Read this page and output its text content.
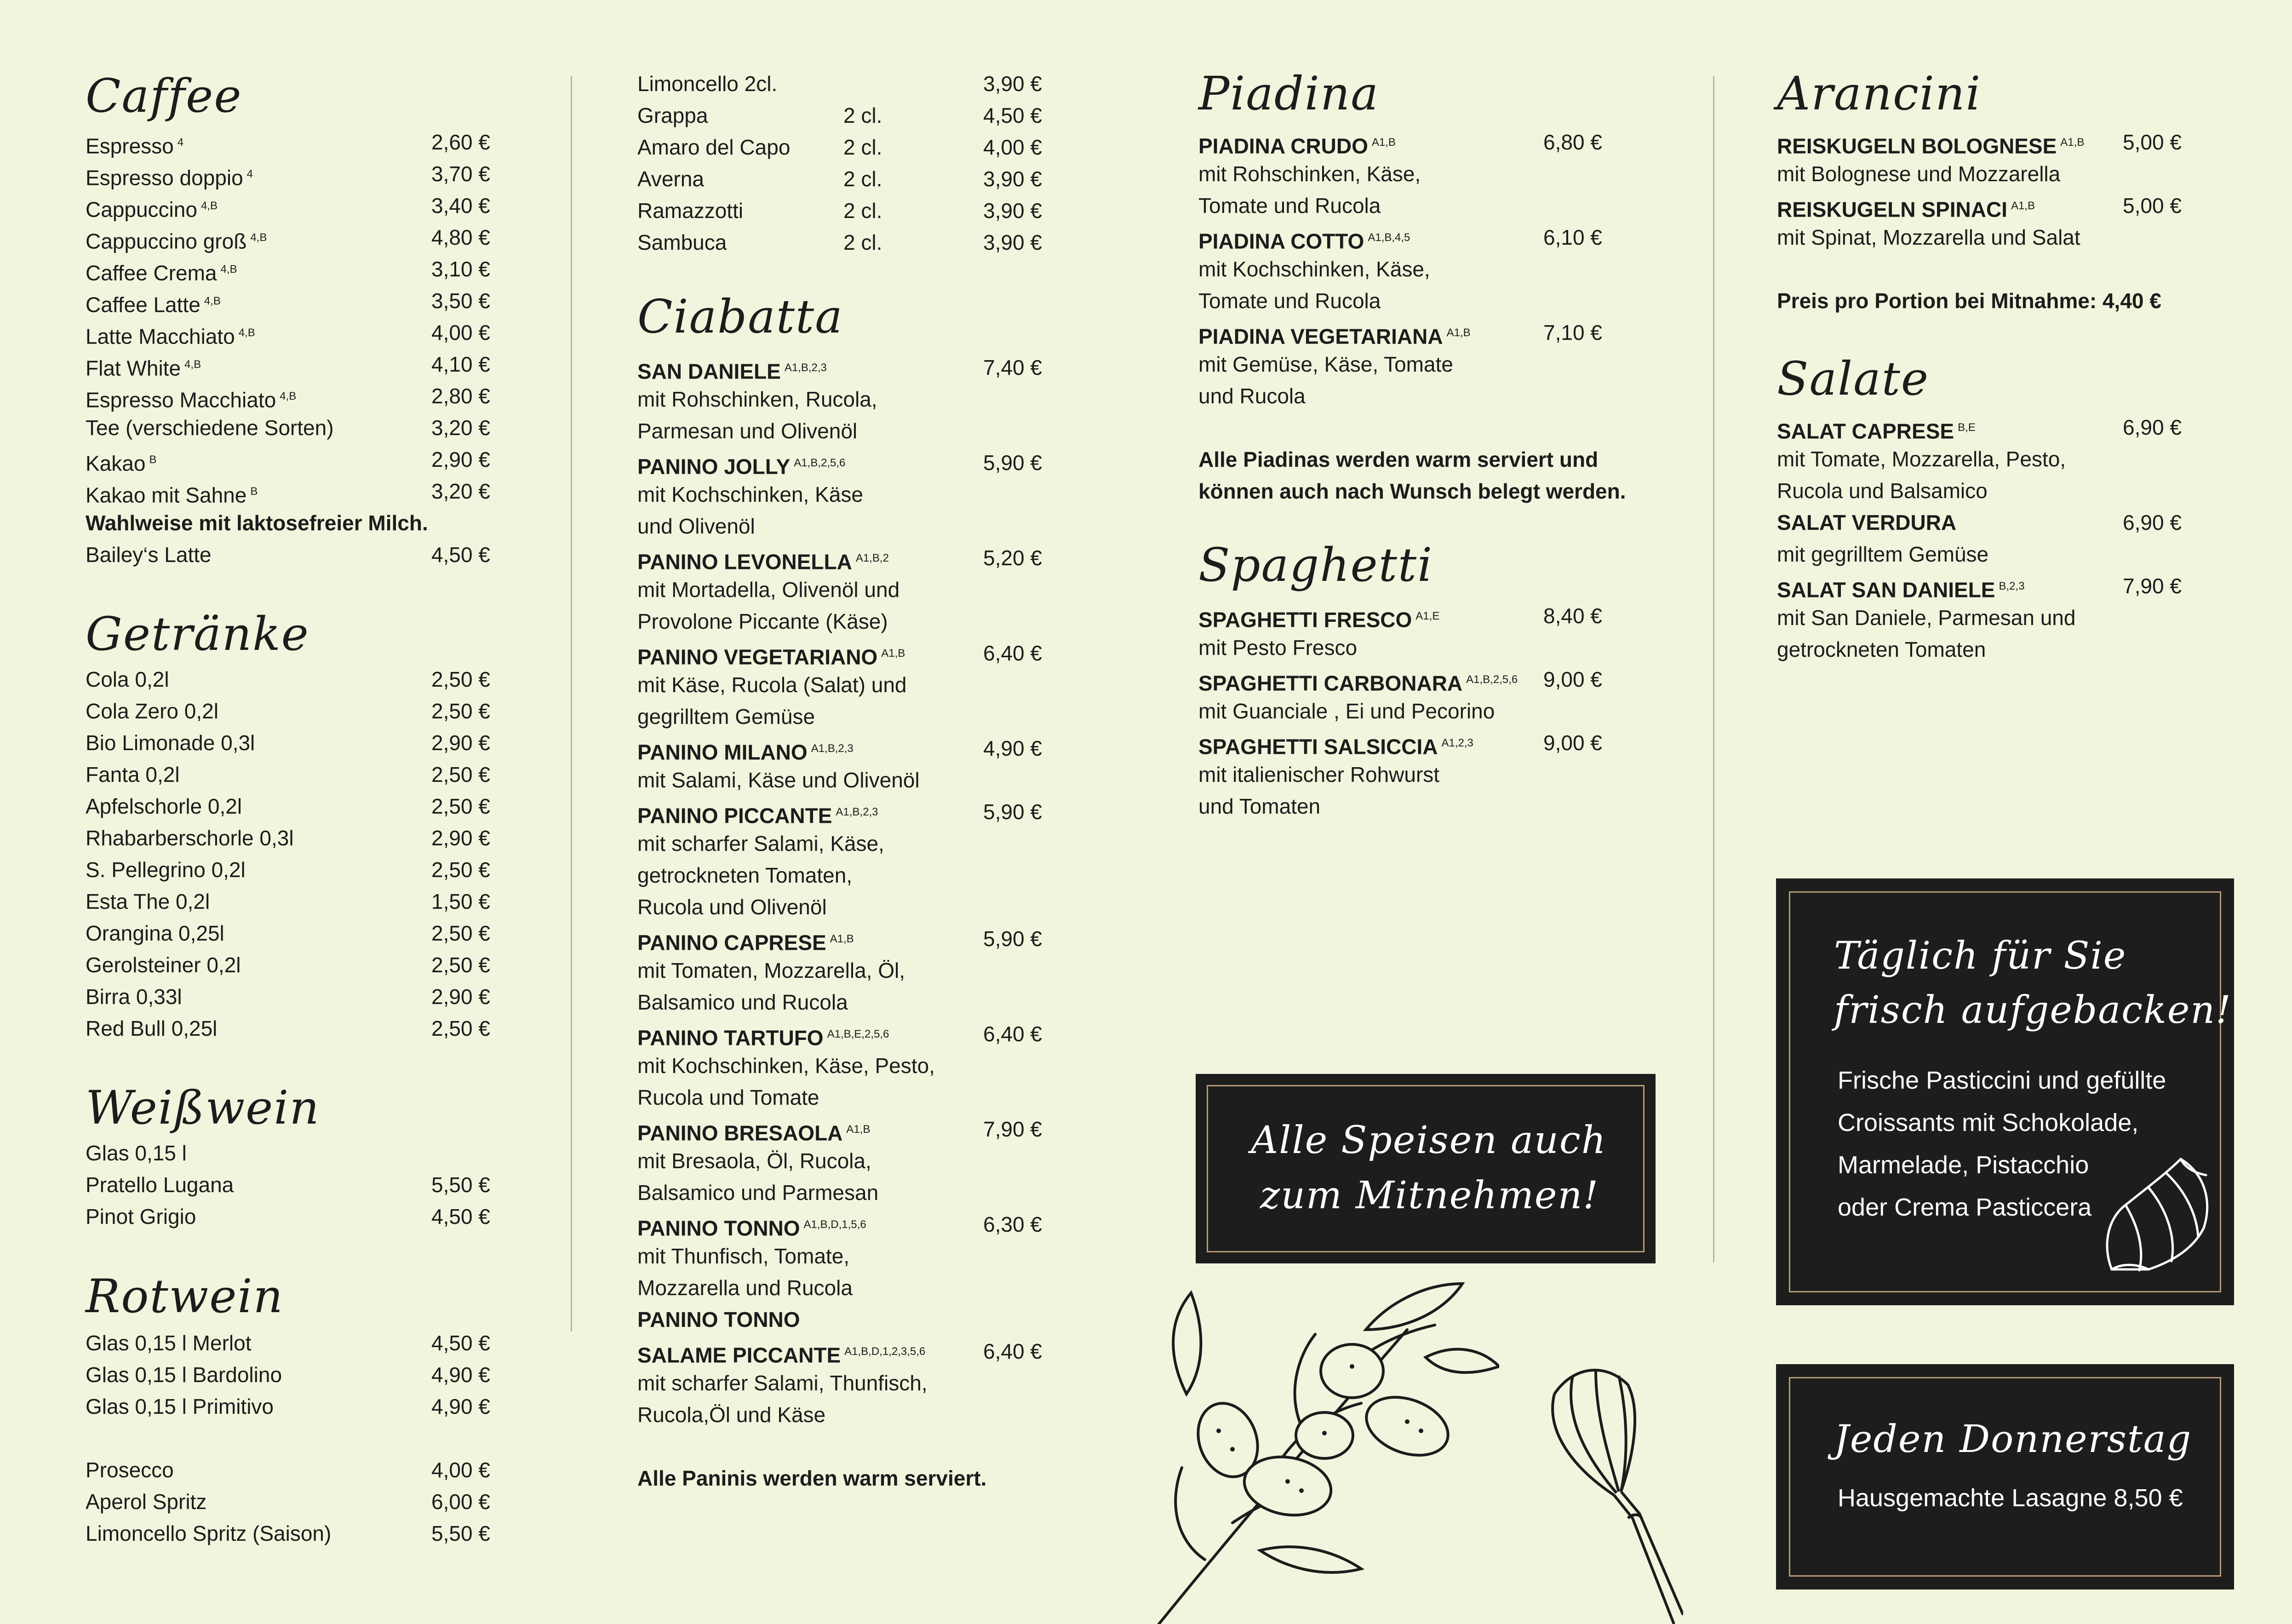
Caffee
Espresso $^4$	2,60 €
Espresso doppio $^4$	3,70 €
Cappuccino $^{4,B}$	3,40 €
Cappuccino groß $^{4,B}$	4,80 €
Caffee Crema $^{4,B}$	3,10 €
Caffee Latte $^{4,B}$	3,50 €
Latte Macchiato $^{4,B}$	4,00 €
Flat White $^{4,B}$	4,10 €
Espresso Macchiato $^{4,B}$	2,80 €
Tee (verschiedene Sorten)	3,20 €
Kakao $^B$	2,90 €
Kakao mit Sahne $^B$	3,20 €
Wahlweise mit laktosefreier Milch.
Bailey‘s Latte	4,50 €
Cola 0,2l	2,50 €
Cola Zero 0,2l	2,50 €
Bio Limonade 0,3l	2,90 €
Fanta 0,2l	2,50 €
Apfelschorle 0,2l	2,50 €
Rhabarberschorle 0,3l	2,90 €
S. Pellegrino 0,2l	2,50 €
Esta The 0,2l	1,50 €
Orangina 0,25l	2,50 €
Gerolsteiner 0,2l	2,50 €
Birra 0,33l	2,90 €
Red Bull 0,25l	2,50 €
Getränke
Weißwein
Glas 0,15 l
Pratello Lugana	5,50 €
Pinot Grigio	4,50 €
Rotwein
Glas 0,15 l Merlot	4,50 €
Glas 0,15 l Bardolino	4,90 €
Glas 0,15 l Primitivo	4,90 €
Prosecco	4,00 €
Aperol Spritz	6,00 €
Limoncello Spritz (Saison)	5,50 €
Limoncello 2cl.	3,90 €
Grappa	2 cl.	4,50 €
Amaro del Capo	2 cl.	4,00 €
Averna	2 cl.	3,90 €
Ramazzotti	2 cl.	3,90 €
Sambuca	2 cl.	3,90 €
Ciabatta
SAN DANIELE $^{A1,B,2,3}$	7,40 €
mit Rohschinken, Rucola,
Parmesan und Olivenöl
PANINO JOLLY $^{A1,B,2,5,6}$	5,90 €
mit Kochschinken, Käse
und Olivenöl
PANINO LEVONELLA $^{A1,B,2}$	5,20 €
mit Mortadella, Olivenöl und
Provolone Piccante (Käse)
PANINO VEGETARIANO $^{A1,B}$	6,40 €
mit Käse, Rucola (Salat) und
gegrilltem Gemüse
PANINO MILANO $^{A1,B,2,3}$	4,90 €
mit Salami, Käse und Olivenöl
PANINO PICCANTE $^{A1,B,2,3}$	5,90 €
mit scharfer Salami, Käse,
getrockneten Tomaten,
Rucola und Olivenöl
PANINO CAPRESE $^{A1,B}$	5,90 €
mit Tomaten, Mozzarella, Öl,
Balsamico und Rucola
PANINO TARTUFO $^{A1,B,E,2,5,6}$	6,40 €
mit Kochschinken, Käse, Pesto,
Rucola und Tomate
PANINO BRESAOLA $^{A1,B}$	7,90 €
mit Bresaola, Öl, Rucola,
Balsamico und Parmesan
PANINO TONNO $^{A1,B,D,1,5,6}$	6,30 €
mit Thunfisch, Tomate,
Mozzarella und Rucola
PANINO TONNO
SALAME PICCANTE $^{A1,B,D,1,2,3,5,6}$	6,40 €
mit scharfer Salami, Thunfisch,
Rucola,Öl und Käse
Alle Paninis werden warm serviert.
Piadina
PIADINA CRUDO $^{A1,B}$	6,80 €
mit Rohschinken, Käse,
Tomate und Rucola
PIADINA COTTO $^{A1,B,4,5}$	6,10 €
mit Kochschinken, Käse,
Tomate und Rucola
PIADINA VEGETARIANA $^{A1,B}$	7,10 €
mit Gemüse, Käse, Tomate
und Rucola
Alle Piadinas werden warm serviert und
können auch nach Wunsch belegt werden.
Spaghetti
SPAGHETTI FRESCO $^{A1,E}$	8,40 €
mit Pesto Fresco
SPAGHETTI CARBONARA $^{A1,B,2,5,6}$ 9,00 €
mit Guanciale , Ei und Pecorino
SPAGHETTI SALSICCIA $^{A1,2,3}$	9,00 €
mit italienischer Rohwurst
und Tomaten
Alle Speisen auch
zum Mitnehmen!
Arancini
REISKUGELN BOLOGNESE $^{A1,B}$ 5,00 €
mit Bolognese und Mozzarella
REISKUGELN SPINACI $^{A1,B}$	5,00 €
mit Spinat, Mozzarella und Salat
Preis pro Portion bei Mitnahme: 4,40 €
Salate
SALAT CAPRESE $^{B,E}$	6,90 €
mit Tomate, Mozzarella, Pesto,
Rucola und Balsamico
SALAT VERDURA	6,90 €
mit gegrilltem Gemüse
SALAT SAN DANIELE $^{B,2,3}$	7,90 €
mit San Daniele, Parmesan und
getrockneten Tomaten
Täglich für Sie
frisch aufgebacken!
Frische Pasticcini und gefüllte
Croissants mit Schokolade,
Marmelade, Pistacchio
oder Crema Pasticcera
Jeden Donnerstag
Hausgemachte Lasagne 8,50 €
